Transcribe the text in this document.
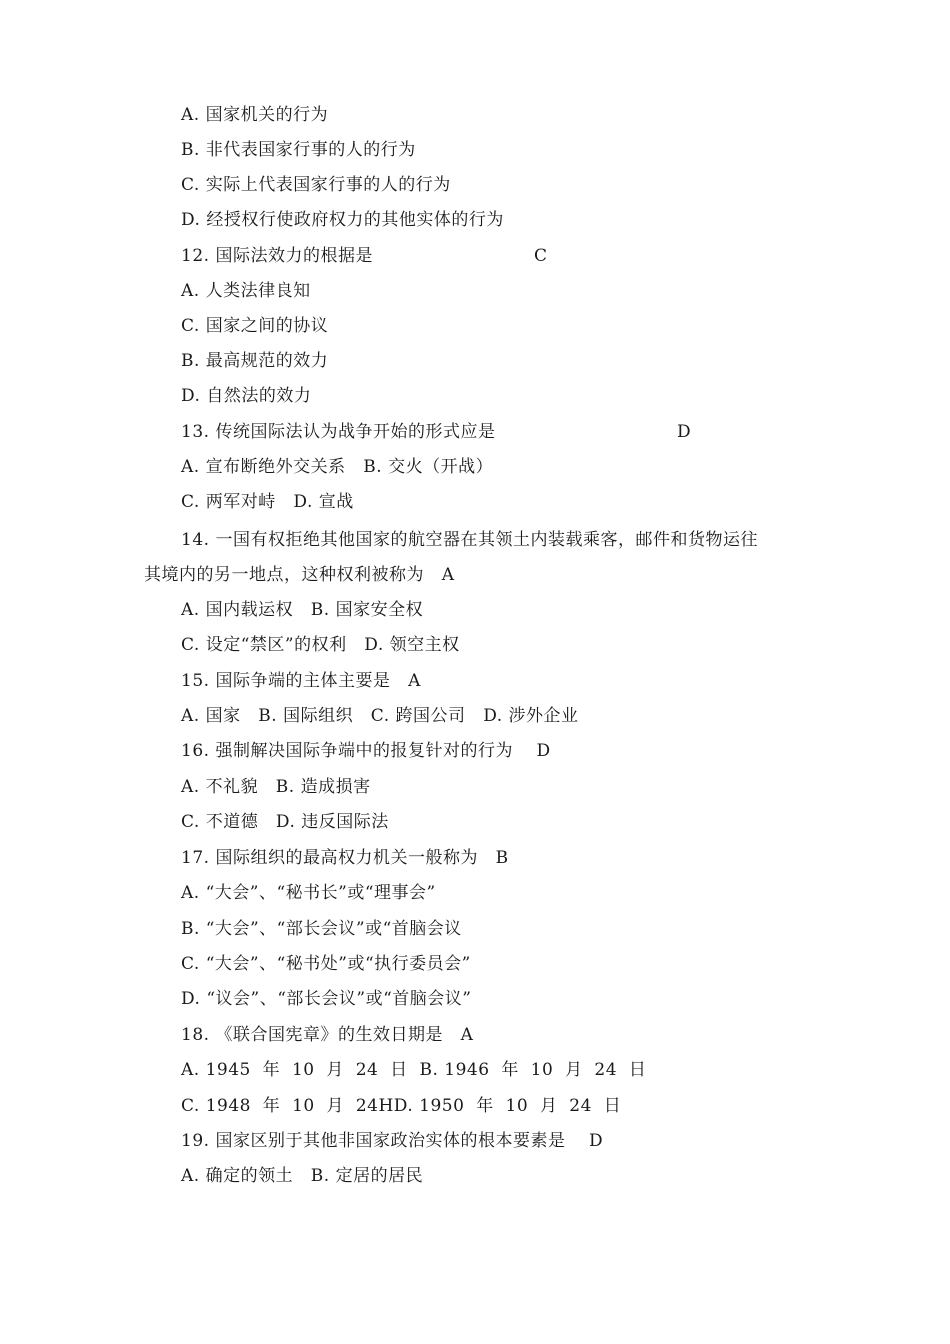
A. 国家机关的行为
B. 非代表国家行事的人的行为
C. 实际上代表国家行事的人的行为
D. 经授权行使政府权力的其他实体的行为
12. 国际法效力的根据是	C
A. 人类法律良知
C. 国家之间的协议
B. 最高规范的效力
D. 自然法的效力
13. 传统国际法认为战争开始的形式应是	D
A. 宣布断绝外交关系   B. 交火（开战）
C. 两军对峙   D. 宣战
14. 一国有权拒绝其他国家的航空器在其领土内装载乘客，邮件和货物运往
其境内的另一地点，这种权利被称为   A
A. 国内载运权   B. 国家安全权
C. 设定“禁区”的权利   D. 领空主权
15. 国际争端的主体主要是   A
A. 国家   B. 国际组织   C. 跨国公司   D. 涉外企业
16. 强制解决国际争端中的报复针对的行为    D
A. 不礼貌   B. 造成损害
C. 不道德   D. 违反国际法
17. 国际组织的最高权力机关一般称为   B
A. “大会”、“秘书长”或“理事会”
B. “大会”、“部长会议”或“首脑会议
C. “大会”、“秘书处”或“执行委员会”
D. “议会”、“部长会议”或“首脑会议”
18. 《联合国宪章》的生效日期是   A
A. 1945  年  10  月  24  日  B. 1946  年  10  月  24  日
C. 1948  年  10  月  24HD. 1950  年  10  月  24  日
19. 国家区别于其他非国家政治实体的根本要素是    D
A. 确定的领土   B. 定居的居民
